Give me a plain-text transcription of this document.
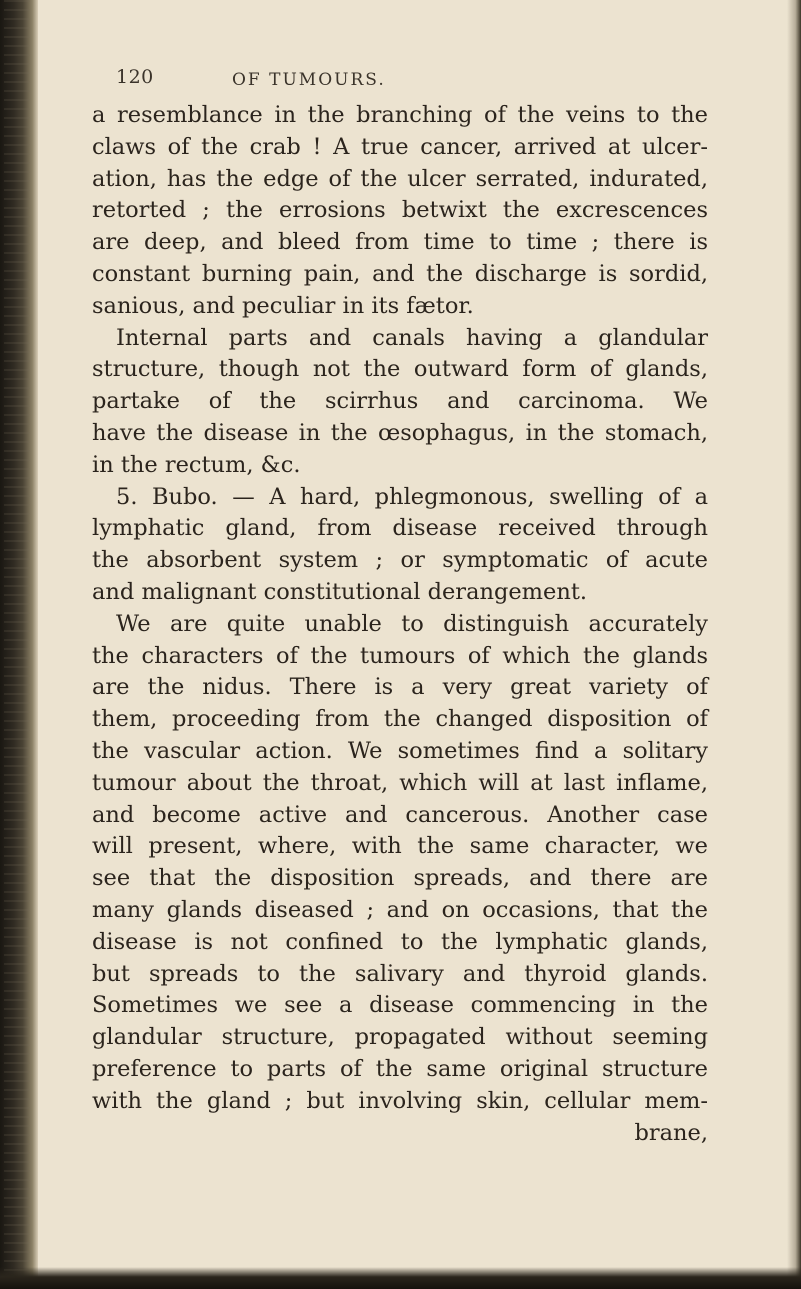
120	OF TUMOURS.
a resemblance in the branching of the veins to the
claws of the crab ! A true cancer, arrived at ulcer-
ation, has the edge of the ulcer serrated, indurated,
retorted ; the errosions betwixt the excrescences
are deep, and bleed from time to time ; there is
constant burning pain, and the discharge is sordid,
sanious, and peculiar in its fætor.
Internal parts and canals having a glandular
structure, though not the outward form of glands,
partake of the scirrhus and carcinoma. We
have the disease in the œsophagus, in the stomach,
in the rectum, &c.
5. Bubo. — A hard, phlegmonous, swelling of a
lymphatic gland, from disease received through
the absorbent system ; or symptomatic of acute
and malignant constitutional derangement.
We are quite unable to distinguish accurately
the characters of the tumours of which the glands
are the nidus. There is a very great variety of
them, proceeding from the changed disposition of
the vascular action. We sometimes find a solitary
tumour about the throat, which will at last inflame,
and become active and cancerous. Another case
will present, where, with the same character, we
see that the disposition spreads, and there are
many glands diseased ; and on occasions, that the
disease is not confined to the lymphatic glands,
but spreads to the salivary and thyroid glands.
Sometimes we see a disease commencing in the
glandular structure, propagated without seeming
preference to parts of the same original structure
with the gland ; but involving skin, cellular mem-
brane,
